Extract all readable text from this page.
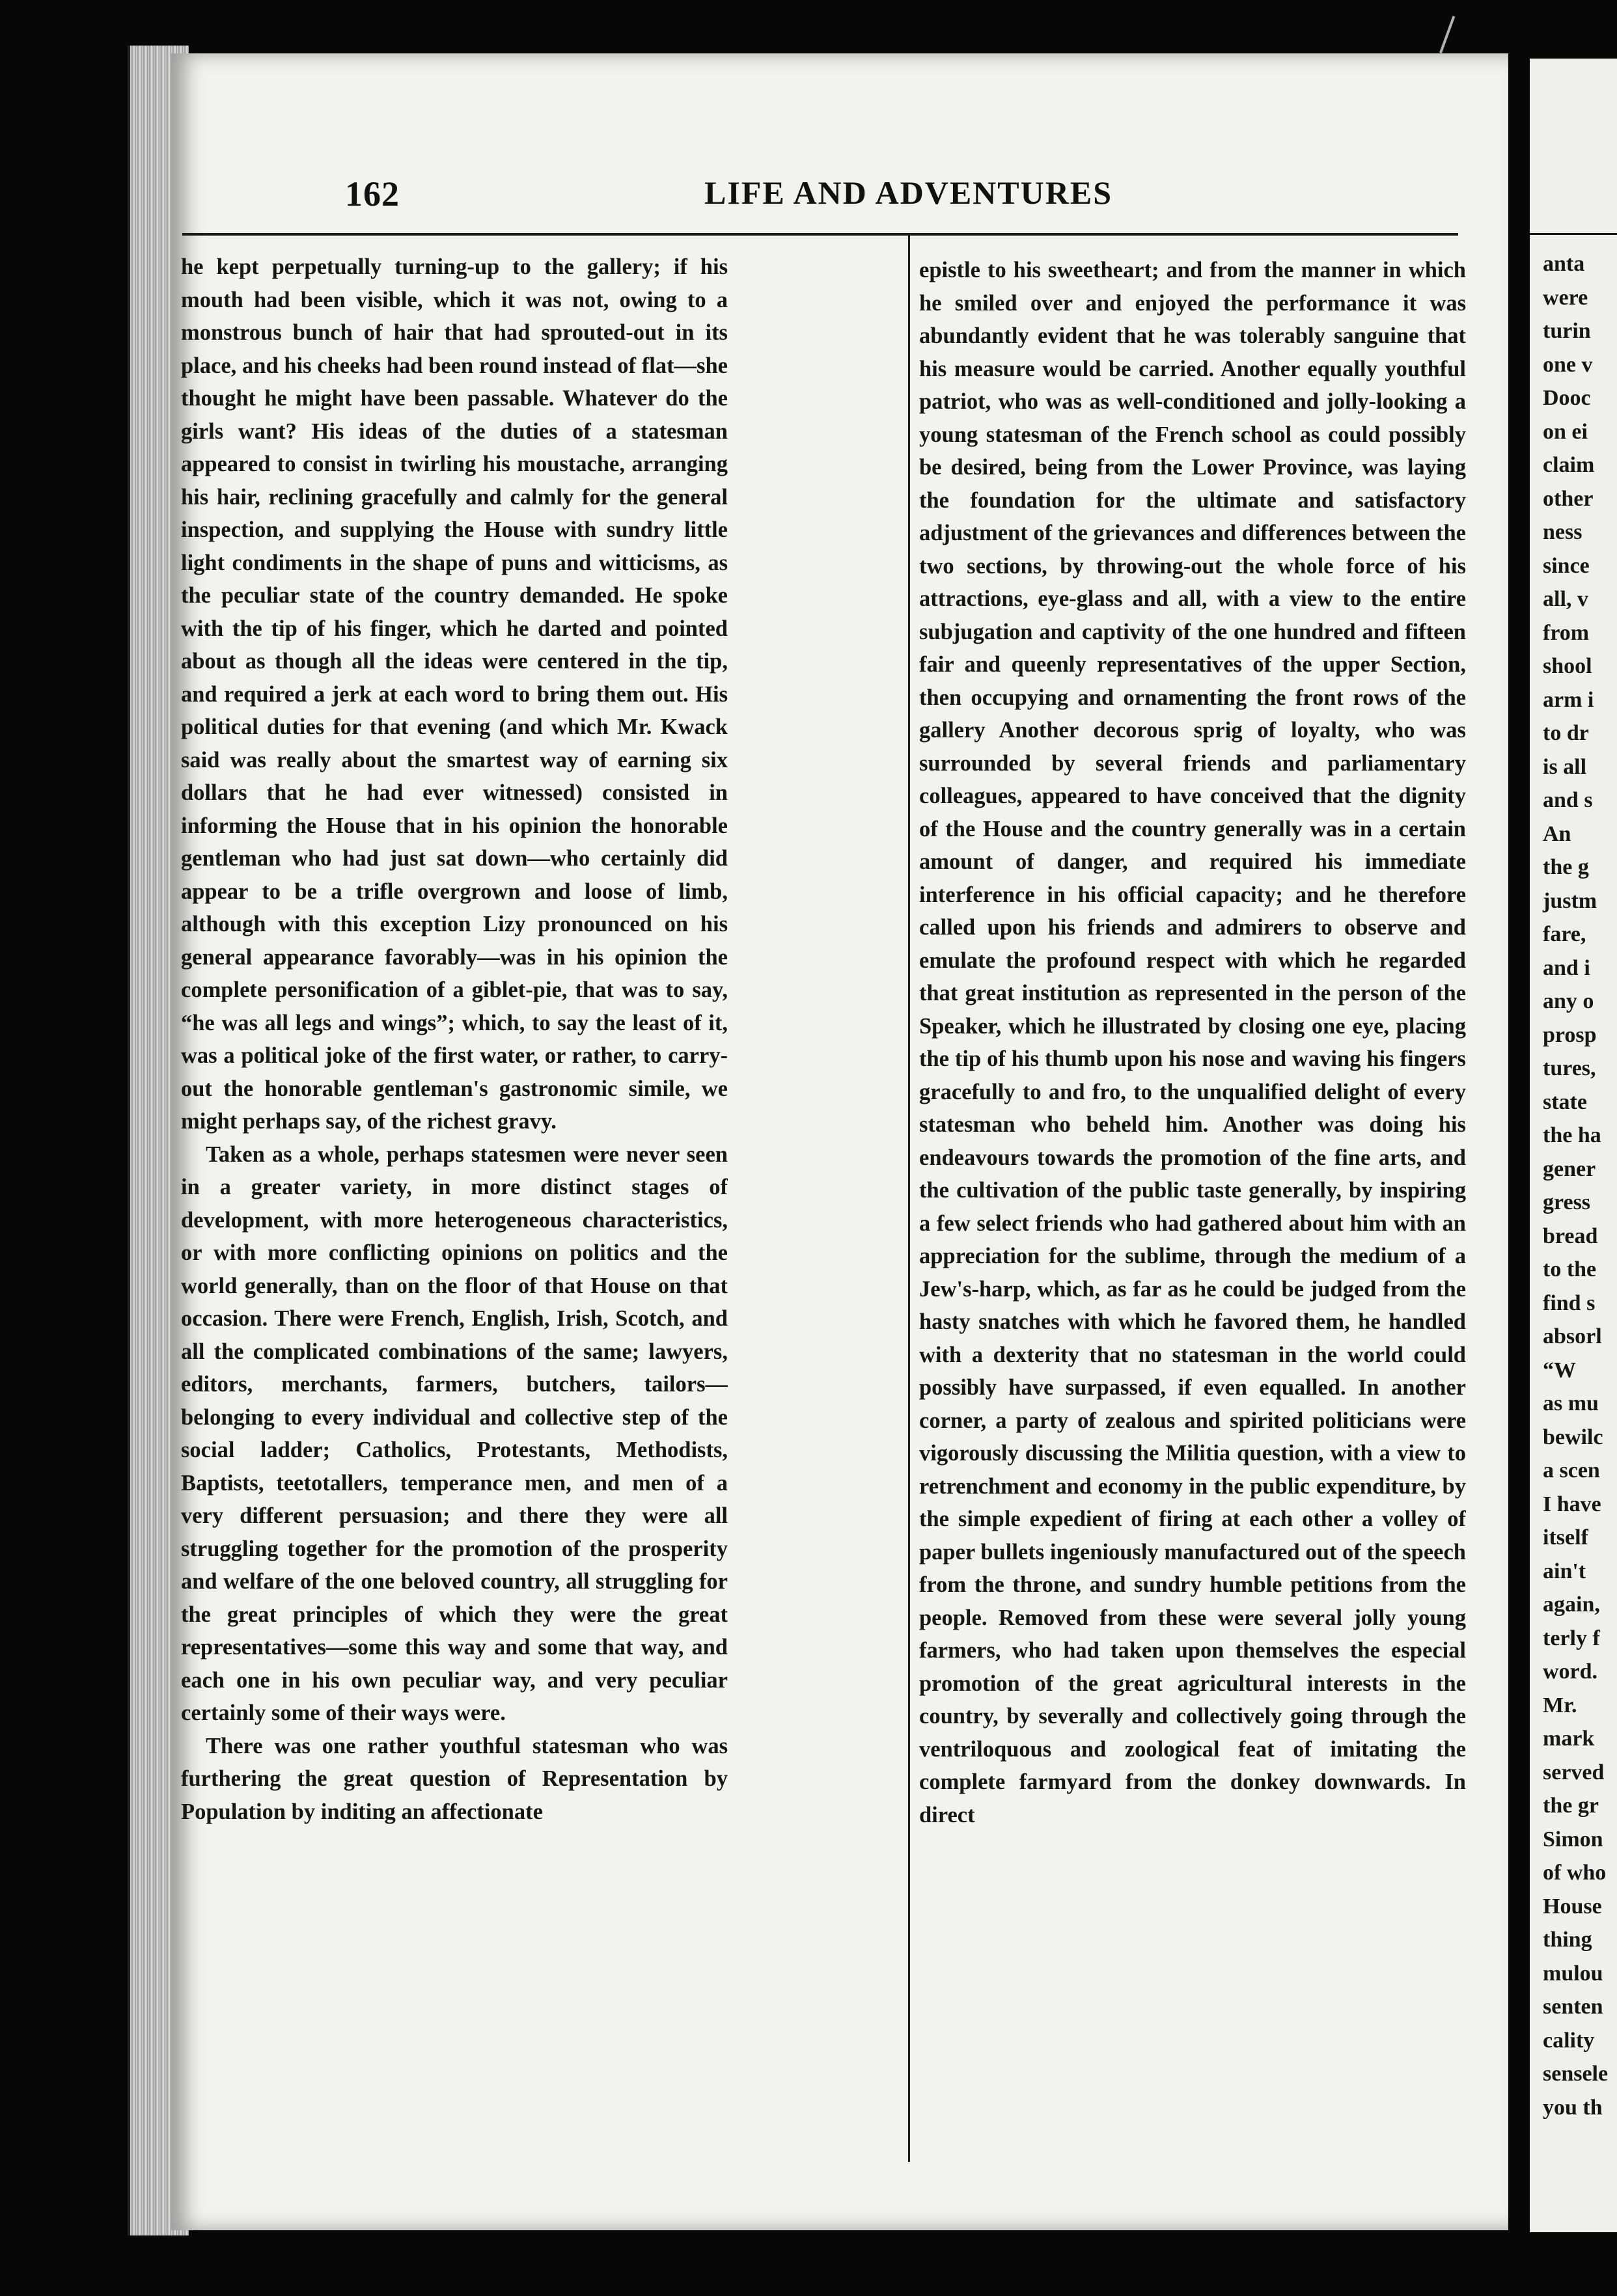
162	LIFE AND ADVENTURES

he kept perpetually turning-up to the gallery; if his mouth had been visible, which it was not, owing to a monstrous bunch of hair that had sprouted-out in its place, and his cheeks had been round instead of flat—she thought he might have been passable. Whatever do the girls want? His ideas of the duties of a statesman appeared to consist in twirling his moustache, arranging his hair, reclining gracefully and calmly for the general inspection, and supplying the House with sundry little light condiments in the shape of puns and witticisms, as the peculiar state of the country demanded. He spoke with the tip of his finger, which he darted and pointed about as though all the ideas were centered in the tip, and required a jerk at each word to bring them out. His political duties for that evening (and which Mr. Kwack said was really about the smartest way of earning six dollars that he had ever witnessed) consisted in informing the House that in his opinion the honorable gentleman who had just sat down—who certainly did appear to be a trifle overgrown and loose of limb, although with this exception Lizy pronounced on his general appearance favorably—was in his opinion the complete personification of a giblet-pie, that was to say, “he was all legs and wings”; which, to say the least of it, was a political joke of the first water, or rather, to carry-out the honorable gentleman's gastronomic simile, we might perhaps say, of the richest gravy.

Taken as a whole, perhaps statesmen were never seen in a greater variety, in more distinct stages of development, with more heterogeneous characteristics, or with more conflicting opinions on politics and the world generally, than on the floor of that House on that occasion. There were French, English, Irish, Scotch, and all the complicated combinations of the same; lawyers, editors, merchants, farmers, butchers, tailors—belonging to every individual and collective step of the social ladder; Catholics, Protestants, Methodists, Baptists, teetotallers, temperance men, and men of a very different persuasion; and there they were all struggling together for the promotion of the prosperity and welfare of the one beloved country, all struggling for the great principles of which they were the great representatives—some this way and some that way, and each one in his own peculiar way, and very peculiar certainly some of their ways were.

There was one rather youthful statesman who was furthering the great question of Representation by Population by inditing an affectionate

epistle to his sweetheart; and from the manner in which he smiled over and enjoyed the performance it was abundantly evident that he was tolerably sanguine that his measure would be carried. Another equally youthful patriot, who was as well-conditioned and jolly-looking a young statesman of the French school as could possibly be desired, being from the Lower Province, was laying the foundation for the ultimate and satisfactory adjustment of the grievances and differences between the two sections, by throwing-out the whole force of his attractions, eye-glass and all, with a view to the entire subjugation and captivity of the one hundred and fifteen fair and queenly representatives of the upper Section, then occupying and ornamenting the front rows of the gallery Another decorous sprig of loyalty, who was surrounded by several friends and parliamentary colleagues, appeared to have conceived that the dignity of the House and the country generally was in a certain amount of danger, and required his immediate interference in his official capacity; and he therefore called upon his friends and admirers to observe and emulate the profound respect with which he regarded that great institution as represented in the person of the Speaker, which he illustrated by closing one eye, placing the tip of his thumb upon his nose and waving his fingers gracefully to and fro, to the unqualified delight of every statesman who beheld him. Another was doing his endeavours towards the promotion of the fine arts, and the cultivation of the public taste generally, by inspiring a few select friends who had gathered about him with an appreciation for the sublime, through the medium of a Jew's-harp, which, as far as he could be judged from the hasty snatches with which he favored them, he handled with a dexterity that no statesman in the world could possibly have surpassed, if even equalled. In another corner, a party of zealous and spirited politicians were vigorously discussing the Militia question, with a view to retrenchment and economy in the public expenditure, by the simple expedient of firing at each other a volley of paper bullets ingeniously manufactured out of the speech from the throne, and sundry humble petitions from the people. Removed from these were several jolly young farmers, who had taken upon themselves the especial promotion of the great agricultural interests in the country, by severally and collectively going through the ventriloquous and zoological feat of imitating the complete farmyard from the donkey downwards. In direct

anta
were
turin
one v
Dooc
on ei
claim
other
ness
since
all, v
from
shool
arm i
to dr
is all
and s
An
the g
justm
fare,
and i
any o
prosp
tures,
state
the ha
gener
gress
bread
to the
find s
absorl
“W
as mu
bewilc
a scen
I have
itself
ain't
again,
terly f
word.
Mr.
mark
served
the gr
Simon
of who
House
thing
mulou
senten
cality
sensele
you th
